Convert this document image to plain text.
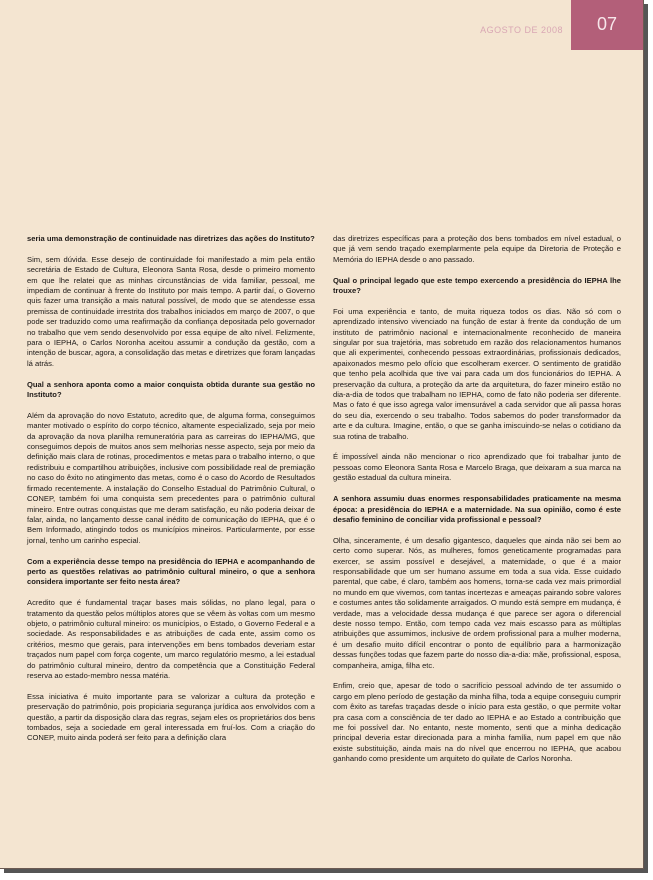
AGOSTO DE 2008	07

seria uma demonstração de continuidade nas diretrizes das ações do Instituto?

Sim, sem dúvida. Esse desejo de continuidade foi manifestado a mim pela então secretária de Estado de Cultura, Eleonora Santa Rosa, desde o primeiro momento em que lhe relatei que as minhas circunstâncias de vida familiar, pessoal, me impediam de continuar à frente do Instituto por mais tempo. A partir daí, o Governo quis fazer uma transição a mais natural possível, de modo que se atendesse essa premissa de continuidade irrestrita dos trabalhos iniciados em março de 2007, o que pode ser traduzido como uma reafirmação da confiança depositada pelo governador no trabalho que vem sendo desenvolvido por essa equipe de alto nível. Felizmente, para o IEPHA, o Carlos Noronha aceitou assumir a condução da gestão, com a intenção de buscar, agora, a consolidação das metas e diretrizes que foram lançadas lá atrás.

Qual a senhora aponta como a maior conquista obtida durante sua gestão no Instituto?

Além da aprovação do novo Estatuto, acredito que, de alguma forma, conseguimos manter motivado o espírito do corpo técnico, altamente especializado, seja por meio da aprovação da nova planilha remuneratória para as carreiras do IEPHA/MG, que conseguimos depois de muitos anos sem melhorias nesse aspecto, seja por meio da definição mais clara de rotinas, procedimentos e metas para o trabalho interno, o que redistribuiu e compartilhou atribuições, inclusive com possibilidade real de premiação no caso do êxito no atingimento das metas, como é o caso do Acordo de Resultados firmado recentemente. A instalação do Conselho Estadual do Patrimônio Cultural, o CONEP, também foi uma conquista sem precedentes para o patrimônio cultural mineiro. Entre outras conquistas que me deram satisfação, eu não poderia deixar de falar, ainda, no lançamento desse canal inédito de comunicação do IEPHA, que é o Bem Informado, atingindo todos os municípios mineiros. Particularmente, por esse jornal, tenho um carinho especial.

Com a experiência desse tempo na presidência do IEPHA e acompanhando de perto as questões relativas ao patrimônio cultural mineiro, o que a senhora considera importante ser feito nesta área?

Acredito que é fundamental traçar bases mais sólidas, no plano legal, para o tratamento da questão pelos múltiplos atores que se vêem às voltas com um mesmo objeto, o patrimônio cultural mineiro: os municípios, o Estado, o Governo Federal e a sociedade. As responsabilidades e as atribuições de cada ente, assim como os critérios, mesmo que gerais, para intervenções em bens tombados deveriam estar traçados num papel com força cogente, um marco regulatório mesmo, a lei estadual do patrimônio cultural mineiro, dentro da competência que a Constituição Federal reserva ao estado-membro nessa matéria.

Essa iniciativa é muito importante para se valorizar a cultura da proteção e preservação do patrimônio, pois propiciaria segurança jurídica aos envolvidos com a questão, a partir da disposição clara das regras, sejam eles os proprietários dos bens tombados, seja a sociedade em geral interessada em fruí-los. Com a criação do CONEP, muito ainda poderá ser feito para a definição clara

das diretrizes específicas para a proteção dos bens tombados em nível estadual, o que já vem sendo traçado exemplarmente pela equipe da Diretoria de Proteção e Memória do IEPHA desde o ano passado.

Qual o principal legado que este tempo exercendo a presidência do IEPHA lhe trouxe?

Foi uma experiência e tanto, de muita riqueza todos os dias. Não só com o aprendizado intensivo vivenciado na função de estar à frente da condução de um instituto de patrimônio nacional e internacionalmente reconhecido de maneira singular por sua trajetória, mas sobretudo em razão dos relacionamentos humanos que ali experimentei, conhecendo pessoas extraordinárias, profissionais dedicados, apaixonados mesmo pelo ofício que escolheram exercer. O sentimento de gratidão que tenho pela acolhida que tive vai para cada um dos funcionários do IEPHA. A preservação da cultura, a proteção da arte da arquitetura, do fazer mineiro estão no dia-a-dia de todos que trabalham no IEPHA, como de fato não poderia ser diferente. Mas o fato é que isso agrega valor imensurável a cada servidor que ali passa horas do seu dia, exercendo o seu trabalho. Todos sabemos do poder transformador da arte e da cultura. Imagine, então, o que se ganha imiscuindo-se nelas o cotidiano da sua rotina de trabalho.

É impossível ainda não mencionar o rico aprendizado que foi trabalhar junto de pessoas como Eleonora Santa Rosa e Marcelo Braga, que deixaram a sua marca na gestão estadual da cultura mineira.

A senhora assumiu duas enormes responsabilidades praticamente na mesma época: a presidência do IEPHA e a maternidade. Na sua opinião, como é este desafio feminino de conciliar vida profissional e pessoal?

Olha, sinceramente, é um desafio gigantesco, daqueles que ainda não sei bem ao certo como superar. Nós, as mulheres, fomos geneticamente programadas para exercer, se assim possível e desejável, a maternidade, o que é a maior responsabilidade que um ser humano assume em toda a sua vida. Esse cuidado parental, que cabe, é claro, também aos homens, torna-se cada vez mais primordial no mundo em que vivemos, com tantas incertezas e ameaças pairando sobre valores e costumes antes tão solidamente arraigados. O mundo está sempre em mudança, é verdade, mas a velocidade dessa mudança é que parece ser agora o diferencial deste nosso tempo. Então, com tempo cada vez mais escasso para as múltiplas atribuições que assumimos, inclusive de ordem profissional para a mulher moderna, é um desafio muito difícil encontrar o ponto de equilíbrio para a harmonização dessas funções todas que fazem parte do nosso dia-a-dia: mãe, profissional, esposa, companheira, amiga, filha etc.

Enfim, creio que, apesar de todo o sacrifício pessoal advindo de ter assumido o cargo em pleno período de gestação da minha filha, toda a equipe conseguiu cumprir com êxito as tarefas traçadas desde o início para esta gestão, o que permite voltar pra casa com a consciência de ter dado ao IEPHA e ao Estado a contribuição que me foi possível dar. No entanto, neste momento, senti que a minha dedicação principal deveria estar direcionada para a minha família, num papel em que não existe substituição, ainda mais na do nível que encerrou no IEPHA, que acabou ganhando como presidente um arquiteto do quilate de Carlos Noronha.
